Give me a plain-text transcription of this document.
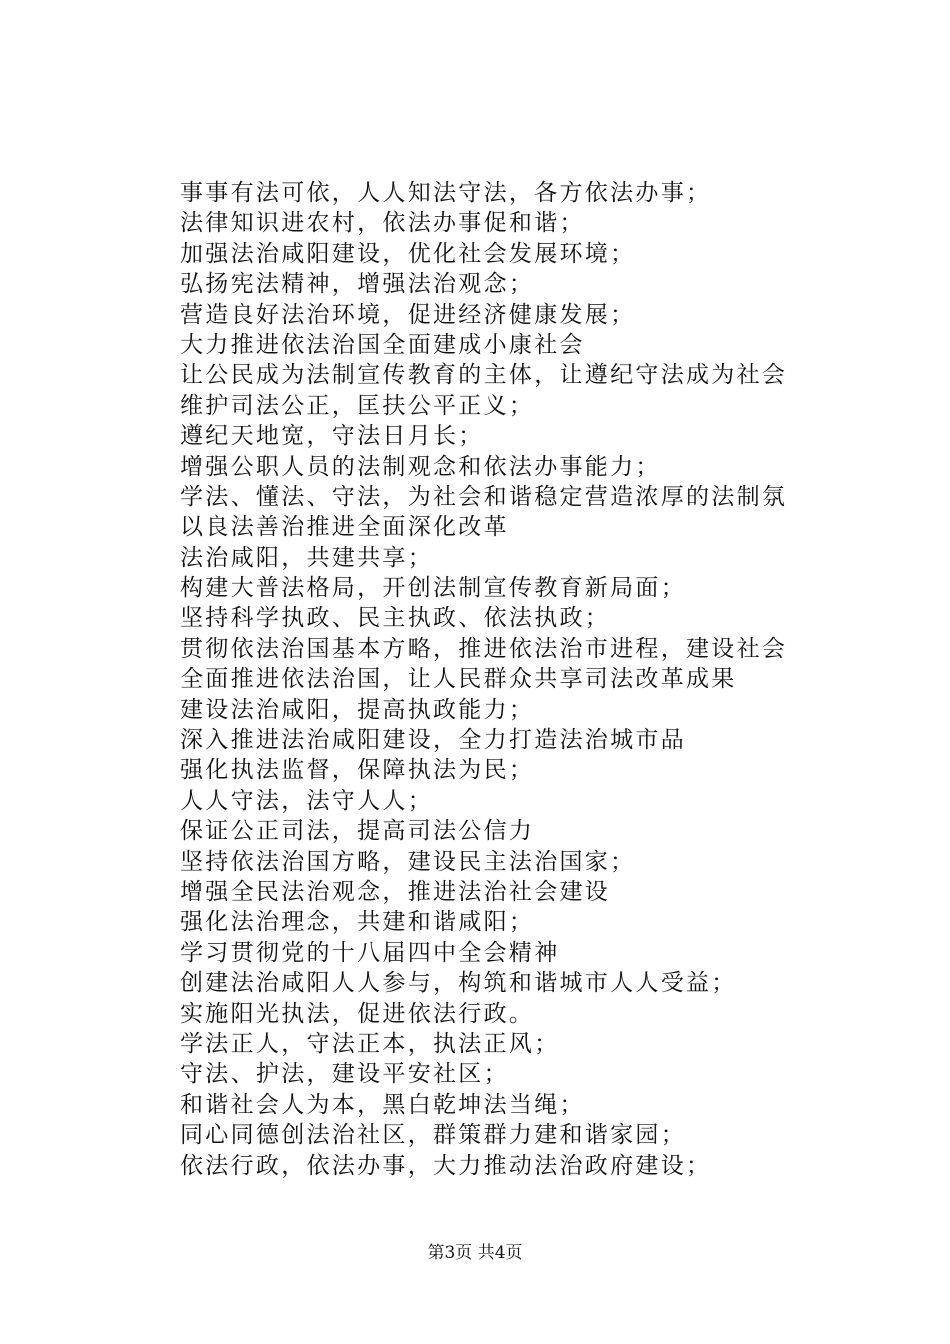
事事有法可依，人人知法守法，各方依法办事；
法律知识进农村，依法办事促和谐；
加强法治咸阳建设，优化社会发展环境；
弘扬宪法精神，增强法治观念；
营造良好法治环境，促进经济健康发展；
大力推进依法治国全面建成小康社会
让公民成为法制宣传教育的主体，让遵纪守法成为社会
维护司法公正，匡扶公平正义；
遵纪天地宽，守法日月长；
增强公职人员的法制观念和依法办事能力；
学法、懂法、守法，为社会和谐稳定营造浓厚的法制氛
以良法善治推进全面深化改革
法治咸阳，共建共享；
构建大普法格局，开创法制宣传教育新局面；
坚持科学执政、民主执政、依法执政；
贯彻依法治国基本方略，推进依法治市进程，建设社会
全面推进依法治国，让人民群众共享司法改革成果
建设法治咸阳，提高执政能力；
深入推进法治咸阳建设，全力打造法治城市品
强化执法监督，保障执法为民；
人人守法，法守人人；
保证公正司法，提高司法公信力
坚持依法治国方略，建设民主法治国家；
增强全民法治观念，推进法治社会建设
强化法治理念，共建和谐咸阳；
学习贯彻党的十八届四中全会精神
创建法治咸阳人人参与，构筑和谐城市人人受益；
实施阳光执法，促进依法行政。
学法正人，守法正本，执法正风；
守法、护法，建设平安社区；
和谐社会人为本，黑白乾坤法当绳；
同心同德创法治社区，群策群力建和谐家园；
依法行政，依法办事，大力推动法治政府建设；
第3页 共4页
